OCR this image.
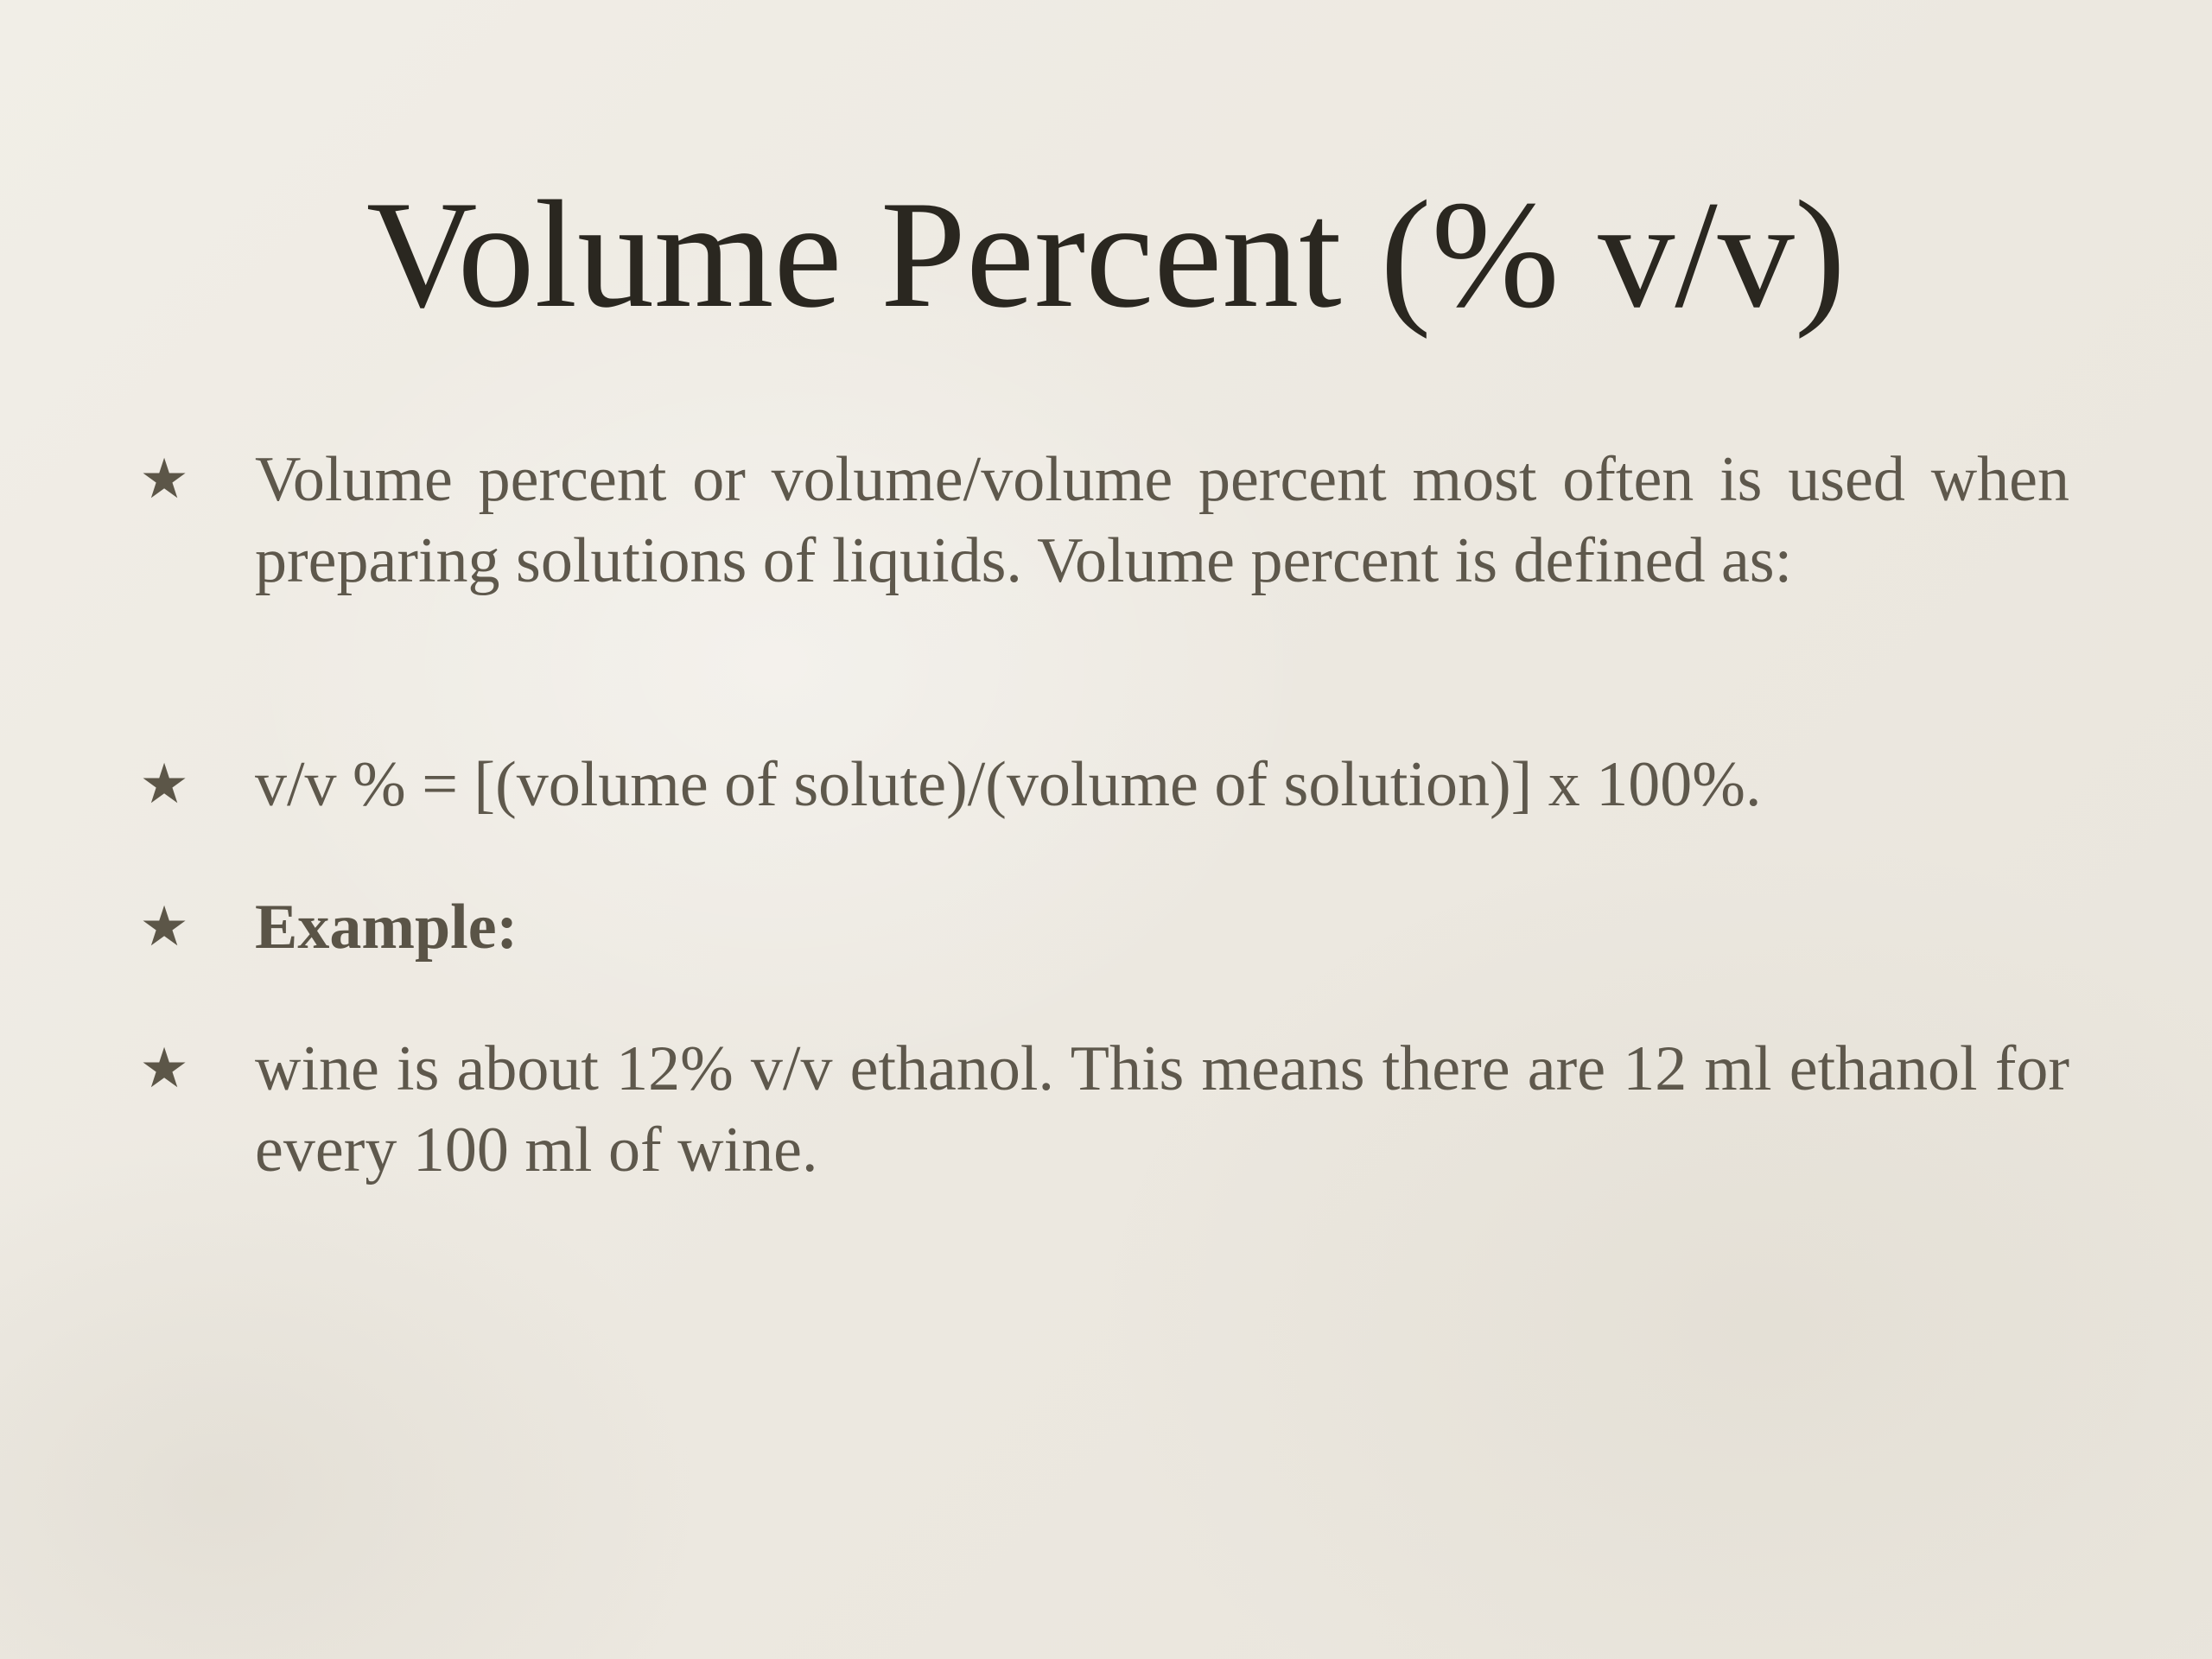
Volume Percent (% v/v)
★ Volume percent or volume/volume percent most often is used when preparing solutions of liquids. Volume percent is defined as:
★ v/v % = [(volume of solute)/(volume of solution)] x 100%.
★ Example:
★ wine is about 12% v/v ethanol. This means there are 12 ml ethanol for every 100 ml of wine.
